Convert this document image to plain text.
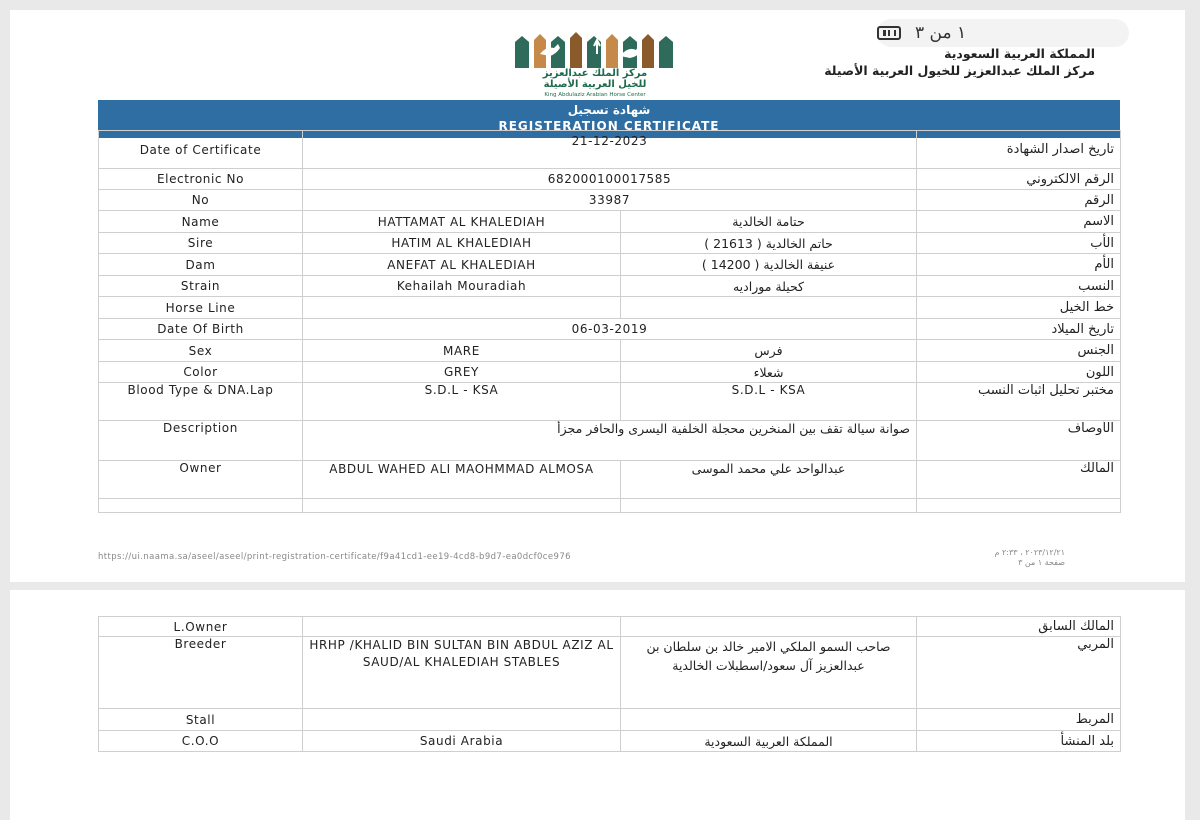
١ من ٣
المملكة العربية السعودية
مركز الملك عبدالعزيز للخيول العربية الأصيلة
مركز الملك عبدالعزيز
للخيل العربية الأصيلة
King Abdulaziz Arabian Horse Center
شهادة تسجيل
REGISTERATION CERTIFICATE
Date of Certificate	21-12-2023		تاريخ اصدار الشهادة
Electronic No	682000100017585		الرقم الالكتروني
No	33987		الرقم
Name	HATTAMAT AL KHALEDIAH	حتامة الخالدية	الاسم
Sire	HATIM AL KHALEDIAH	حاتم الخالدية ( 21613 )	الأب
Dam	ANEFAT AL KHALEDIAH	عنيفة الخالدية ( 14200 )	الأم
Strain	Kehailah Mouradiah	كحيلة موراديه	النسب
Horse Line			خط الخيل
Date Of Birth	06-03-2019		تاريخ الميلاد
Sex	MARE	فرس	الجنس
Color	GREY	شعلاء	اللون
Blood Type & DNA.Lap	S.D.L - KSA	S.D.L - KSA	مختبر تحليل اثبات النسب
Description	صوانة سيالة تقف بين المنخرين محجلة الخلفية اليسرى والحافر مجزأ		الأوصاف
Owner	ABDUL WAHED ALI MAOHMMAD ALMOSA	عبدالواحد علي محمد الموسى	المالك

https://ui.naama.sa/aseel/aseel/print-registration-certificate/f9a41cd1-ee19-4cd8-b9d7-ea0dcf0ce976	٢٠٢٣/١٢/٢١ ، ٢:٣٣ م
صفحة ١ من ٣
L.Owner			المالك السابق
Breeder	HRHP /KHALID BIN SULTAN BIN ABDUL AZIZ AL SAUD/AL KHALEDIAH STABLES	صاحب السمو الملكي الامير خالد بن سلطان بن عبدالعزيز آل سعود/اسطبلات الخالدية	المربي
Stall			المربط
C.O.O	Saudi Arabia	المملكة العربية السعودية	بلد المنشأ
